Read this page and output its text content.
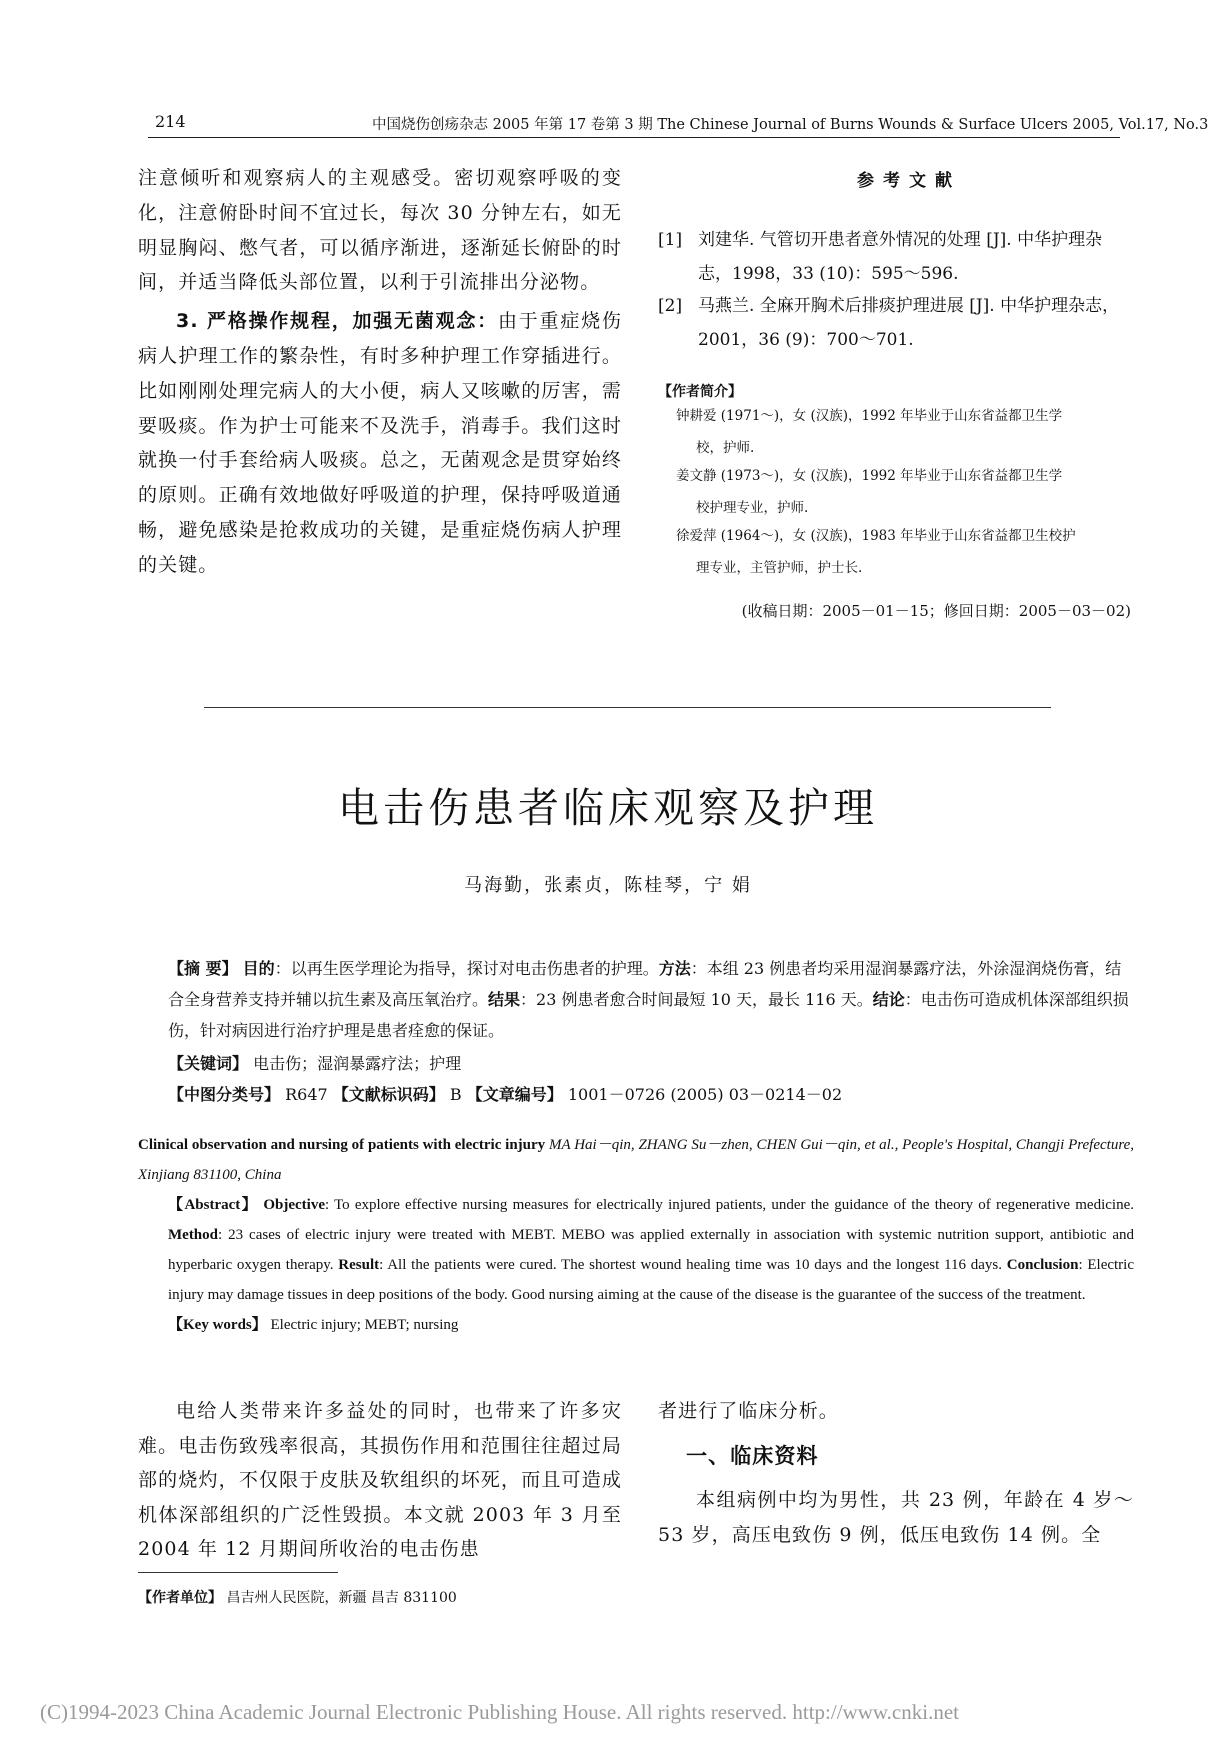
214	中国烧伤创疡杂志 2005 年第 17 卷第 3 期 The Chinese Journal of Burns Wounds & Surface Ulcers 2005, Vol.17, No.3

注意倾听和观察病人的主观感受。密切观察呼吸的变化，注意俯卧时间不宜过长，每次 30 分钟左右，如无明显胸闷、憋气者，可以循序渐进，逐渐延长俯卧的时间，并适当降低头部位置，以利于引流排出分泌物。

3. 严格操作规程，加强无菌观念：由于重症烧伤病人护理工作的繁杂性，有时多种护理工作穿插进行。比如刚刚处理完病人的大小便，病人又咳嗽的厉害，需要吸痰。作为护士可能来不及洗手，消毒手。我们这时就换一付手套给病人吸痰。总之，无菌观念是贯穿始终的原则。正确有效地做好呼吸道的护理，保持呼吸道通畅，避免感染是抢救成功的关键，是重症烧伤病人护理的关键。

参考文献
[1] 刘建华. 气管切开患者意外情况的处理 [J]. 中华护理杂志，1998，33 (10)：595～596.
[2] 马燕兰. 全麻开胸术后排痰护理进展 [J]. 中华护理杂志，2001，36 (9)：700～701.
【作者简介】
钟耕爱 (1971～)，女 (汉族)，1992 年毕业于山东省益都卫生学
校，护师.
姜文静 (1973～)，女 (汉族)，1992 年毕业于山东省益都卫生学
校护理专业，护师.
徐爱萍 (1964～)，女 (汉族)，1983 年毕业于山东省益都卫生校护
理专业，主管护师，护士长.
(收稿日期：2005－01－15；修回日期：2005－03－02)
电击伤患者临床观察及护理
马海勤，张素贞，陈桂琴，宁 娟

【摘 要】 目的：以再生医学理论为指导，探讨对电击伤患者的护理。方法：本组 23 例患者均采用湿润暴露疗法，外涂湿润烧伤膏，结合全身营养支持并辅以抗生素及高压氧治疗。结果：23 例患者愈合时间最短 10 天，最长 116 天。结论：电击伤可造成机体深部组织损伤，针对病因进行治疗护理是患者痊愈的保证。

【关键词】 电击伤；湿润暴露疗法；护理

【中图分类号】 R647 【文献标识码】 B 【文章编号】 1001－0726 (2005) 03－0214－02

Clinical observation and nursing of patients with electric injury MA Hai－qin, ZHANG Su－zhen, CHEN Gui－qin, et al., People's Hospital, Changji Prefecture, Xinjiang 831100, China

【Abstract】 Objective: To explore effective nursing measures for electrically injured patients, under the guidance of the theory of regenerative medicine. Method: 23 cases of electric injury were treated with MEBT. MEBO was applied externally in association with systemic nutrition support, antibiotic and hyperbaric oxygen therapy. Result: All the patients were cured. The shortest wound healing time was 10 days and the longest 116 days. Conclusion: Electric injury may damage tissues in deep positions of the body. Good nursing aiming at the cause of the disease is the guarantee of the success of the treatment.

【Key words】 Electric injury; MEBT; nursing

电给人类带来许多益处的同时，也带来了许多灾难。电击伤致残率很高，其损伤作用和范围往往超过局部的烧灼，不仅限于皮肤及软组织的坏死，而且可造成机体深部组织的广泛性毁损。本文就 2003 年 3 月至 2004 年 12 月期间所收治的电击伤患

者进行了临床分析。

一、临床资料

本组病例中均为男性，共 23 例，年龄在 4 岁～53 岁，高压电致伤 9 例，低压电致伤 14 例。全

【作者单位】 昌吉州人民医院，新疆 昌吉 831100
(C)1994-2023 China Academic Journal Electronic Publishing House. All rights reserved. http://www.cnki.net
